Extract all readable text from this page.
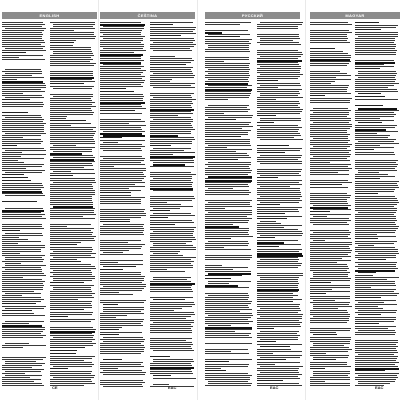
ENGLISH	ČEŠTINA	РУССКИЙ	MAGYAR
CE	EAC	EAC	EAC
